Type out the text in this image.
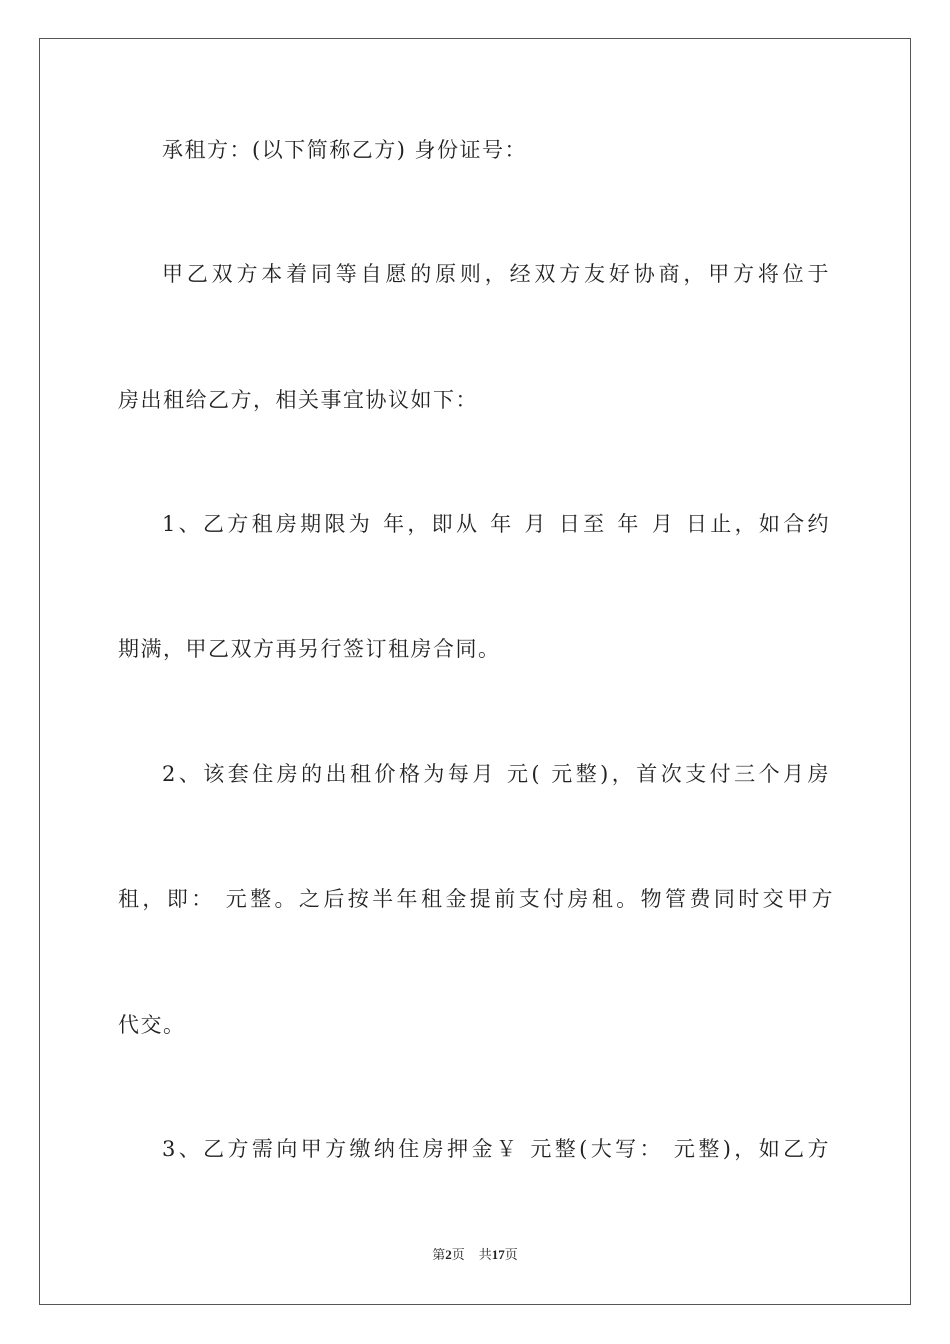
承租方：(以下简称乙方) 身份证号：
甲乙双方本着同等自愿的原则，经双方友好协商，甲方将位于
房出租给乙方，相关事宜协议如下：
1、乙方租房期限为 年，即从 年 月 日至 年 月 日止，如合约
期满，甲乙双方再另行签订租房合同。
2、该套住房的出租价格为每月 元( 元整)，首次支付三个月房
租，即： 元整。之后按半年租金提前支付房租。物管费同时交甲方
代交。
3、乙方需向甲方缴纳住房押金￥ 元整(大写： 元整)，如乙方
第2页 共17页
